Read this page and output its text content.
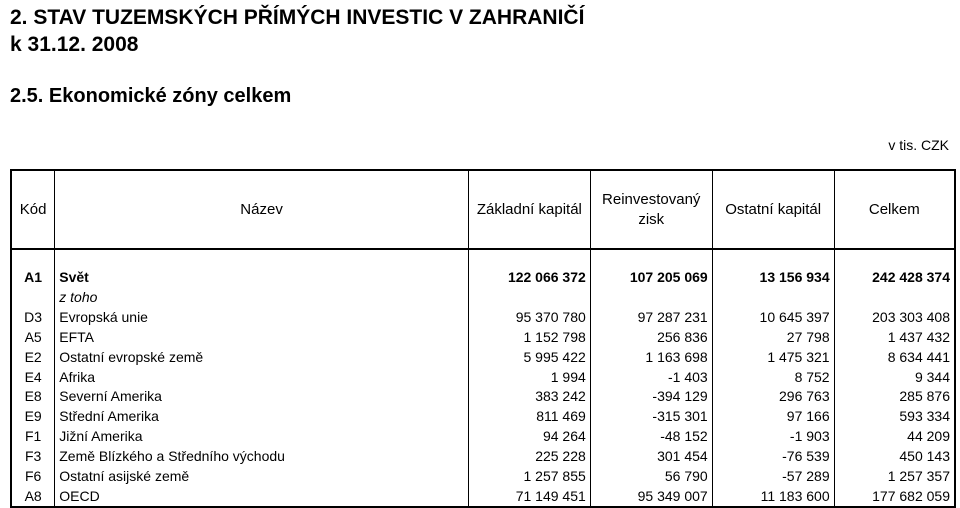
2. STAV TUZEMSKÝCH PŘÍMÝCH INVESTIC V ZAHRANIČÍ
k 31.12. 2008
2.5. Ekonomické zóny celkem
v tis. CZK
Kód	Název	Základní kapitál	Reinvestovaný zisk	Ostatní kapitál	Celkem

A1	Svět	122 066 372	107 205 069	13 156 934	242 428 374
	z toho				
D3	Evropská unie	95 370 780	97 287 231	10 645 397	203 303 408
A5	EFTA	1 152 798	256 836	27 798	1 437 432
E2	Ostatní evropské země	5 995 422	1 163 698	1 475 321	8 634 441
E4	Afrika	1 994	-1 403	8 752	9 344
E8	Severní Amerika	383 242	-394 129	296 763	285 876
E9	Střední Amerika	811 469	-315 301	97 166	593 334
F1	Jižní Amerika	94 264	-48 152	-1 903	44 209
F3	Země Blízkého a Středního východu	225 228	301 454	-76 539	450 143
F6	Ostatní asijské země	1 257 855	56 790	-57 289	1 257 357
A8	OECD	71 149 451	95 349 007	11 183 600	177 682 059
